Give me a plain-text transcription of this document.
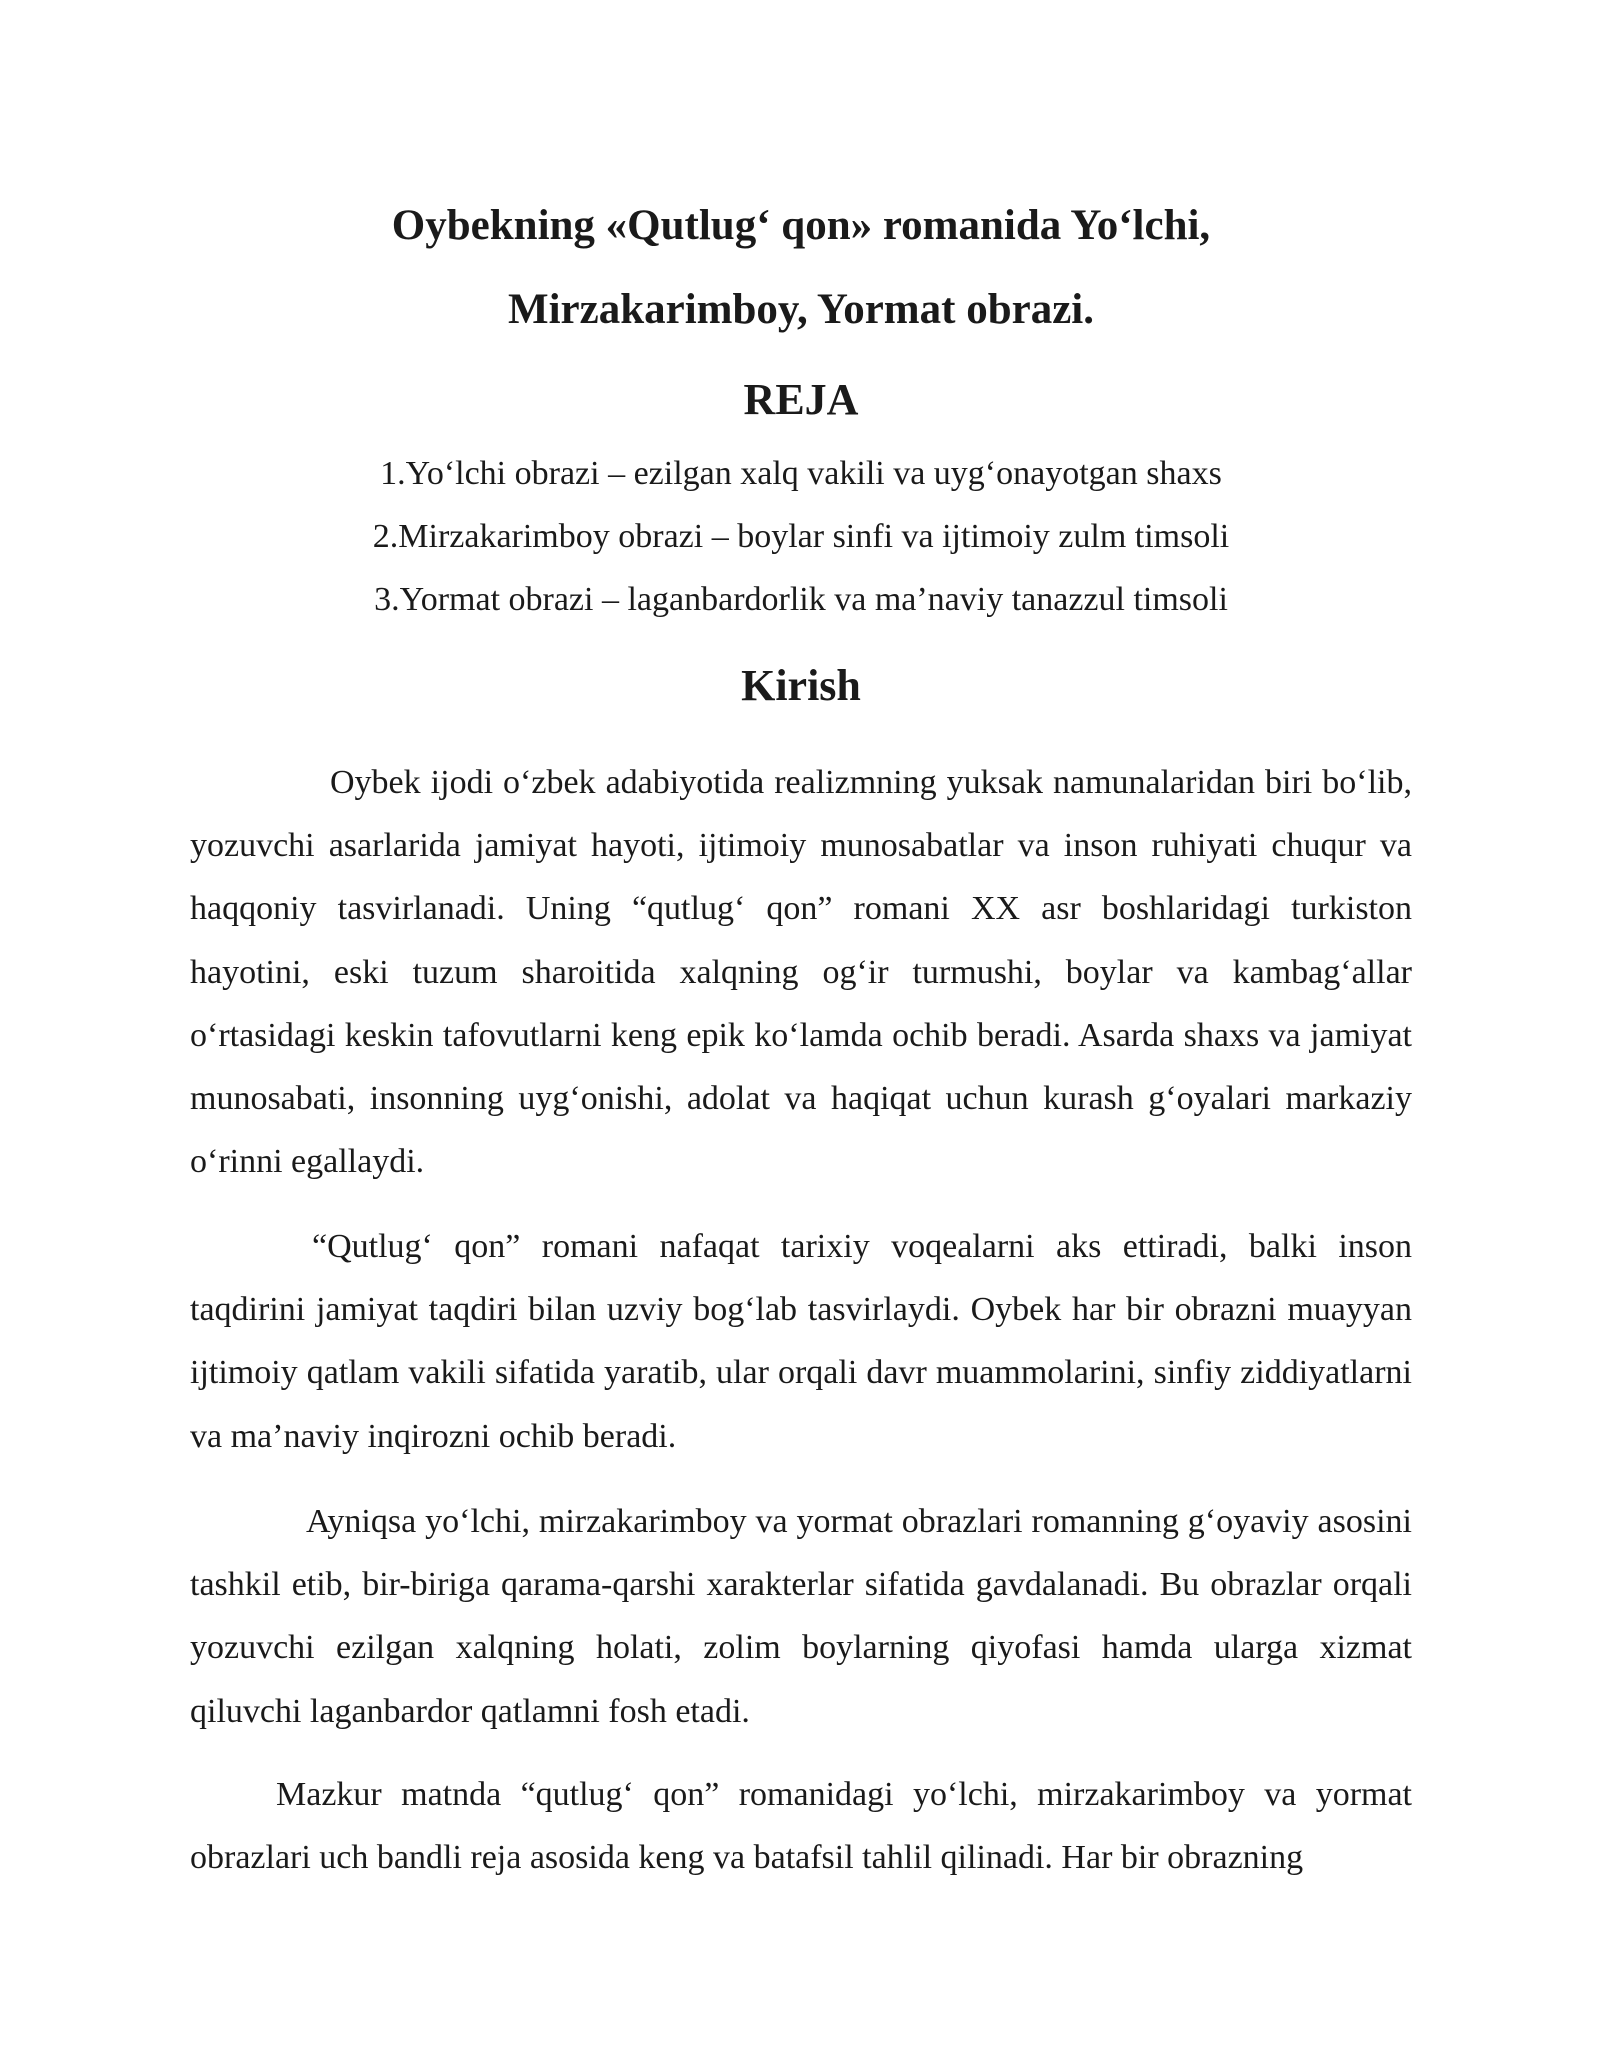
Oybekning «Qutlug‘ qon» romanida Yo‘lchi,
Mirzakarimboy, Yormat obrazi.
REJA
1.Yo‘lchi obrazi – ezilgan xalq vakili va uyg‘onayotgan shaxs
2.Mirzakarimboy obrazi – boylar sinfi va ijtimoiy zulm timsoli
3.Yormat obrazi – laganbardorlik va ma’naviy tanazzul timsoli
Kirish

Oybek ijodi o‘zbek adabiyotida realizmning yuksak namunalaridan biri bo‘lib, yozuvchi asarlarida jamiyat hayoti, ijtimoiy munosabatlar va inson ruhiyati chuqur va haqqoniy tasvirlanadi. Uning “qutlug‘ qon” romani XX asr boshlaridagi turkiston hayotini, eski tuzum sharoitida xalqning og‘ir turmushi, boylar va kambag‘allar o‘rtasidagi keskin tafovutlarni keng epik ko‘lamda ochib beradi. Asarda shaxs va jamiyat munosabati, insonning uyg‘onishi, adolat va haqiqat uchun kurash g‘oyalari markaziy o‘rinni egallaydi.

“Qutlug‘ qon” romani nafaqat tarixiy voqealarni aks ettiradi, balki inson taqdirini jamiyat taqdiri bilan uzviy bog‘lab tasvirlaydi. Oybek har bir obrazni muayyan ijtimoiy qatlam vakili sifatida yaratib, ular orqali davr muammolarini, sinfiy ziddiyatlarni va ma’naviy inqirozni ochib beradi.

Ayniqsa yo‘lchi, mirzakarimboy va yormat obrazlari romanning g‘oyaviy asosini tashkil etib, bir-biriga qarama-qarshi xarakterlar sifatida gavdalanadi. Bu obrazlar orqali yozuvchi ezilgan xalqning holati, zolim boylarning qiyofasi hamda ularga xizmat qiluvchi laganbardor qatlamni fosh etadi.

Mazkur matnda “qutlug‘ qon” romanidagi yo‘lchi, mirzakarimboy va yormat obrazlari uch bandli reja asosida keng va batafsil tahlil qilinadi. Har bir obrazning
